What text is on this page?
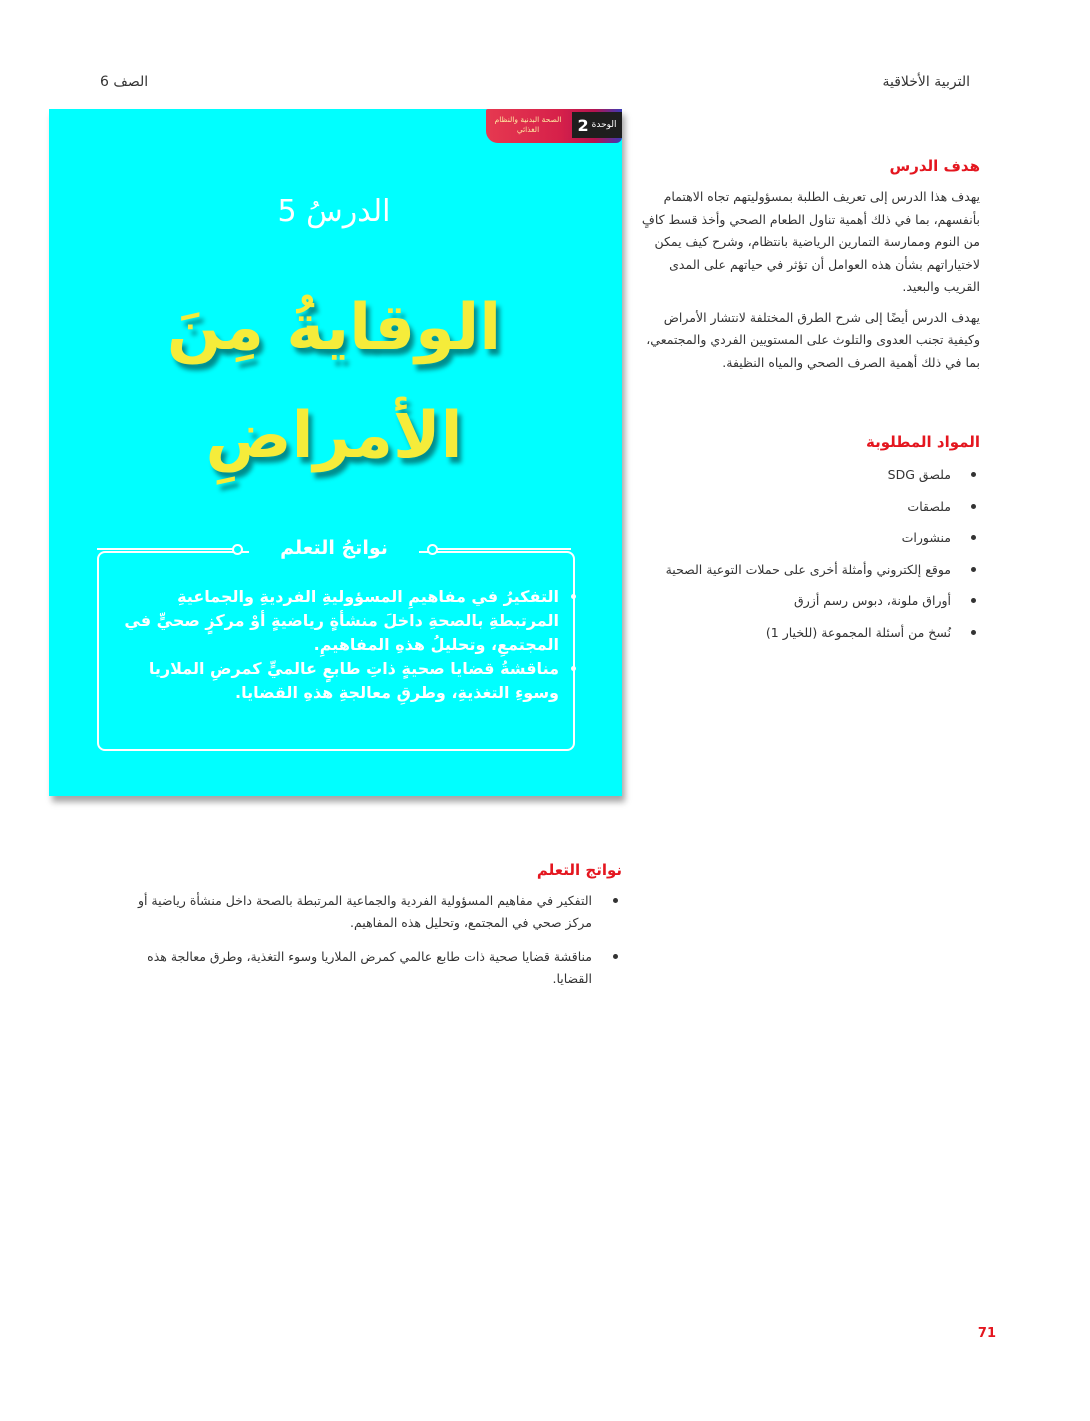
التربية الأخلاقية
الصف 6
الوحدة
2
الصحة البدنية والنظام الغذائي
الدرسُ 5
الوقايةُ مِنَ الأمراضِ
نواتجُ التعلم
• التفكيرُ في مفاهيمِ المسؤوليةِ الفرديةِ والجماعيةِ المرتبطةِ بالصحةِ داخلَ منشأةٍ رياضيةٍ أوْ مركزٍ صحيٍّ في المجتمعِ، وتحليلُ هذهِ المفاهيمِ.
• مناقشةُ قضايا صحيةٍ ذاتِ طابعٍ عالميٍّ كمرضِ الملاريا وسوءِ التغذيةِ، وطرقِ معالجةِ هذهِ القضايا.
هدف الدرس

يهدف هذا الدرس إلى تعريف الطلبة بمسؤوليتهم تجاه الاهتمام بأنفسهم، بما في ذلك أهمية تناول الطعام الصحي وأخذ قسط كافٍ من النوم وممارسة التمارين الرياضية بانتظام، وشرح كيف يمكن لاختياراتهم بشأن هذه العوامل أن تؤثر في حياتهم على المدى القريب والبعيد.

يهدف الدرس أيضًا إلى شرح الطرق المختلفة لانتشار الأمراض وكيفية تجنب العدوى والتلوث على المستويين الفردي والمجتمعي، بما في ذلك أهمية الصرف الصحي والمياه النظيفة.

المواد المطلوبة
ملصق SDG
ملصقات
منشورات
موقع إلكتروني وأمثلة أخرى على حملات التوعية الصحية
أوراق ملونة، دبوس رسم أزرق
نُسخ من أسئلة المجموعة (للخيار 1)
نواتج التعلم
التفكير في مفاهيم المسؤولية الفردية والجماعية المرتبطة بالصحة داخل منشأة رياضية أو مركز صحي في المجتمع، وتحليل هذه المفاهيم.
مناقشة قضايا صحية ذات طابع عالمي كمرض الملاريا وسوء التغذية، وطرق معالجة هذه القضايا.
71
